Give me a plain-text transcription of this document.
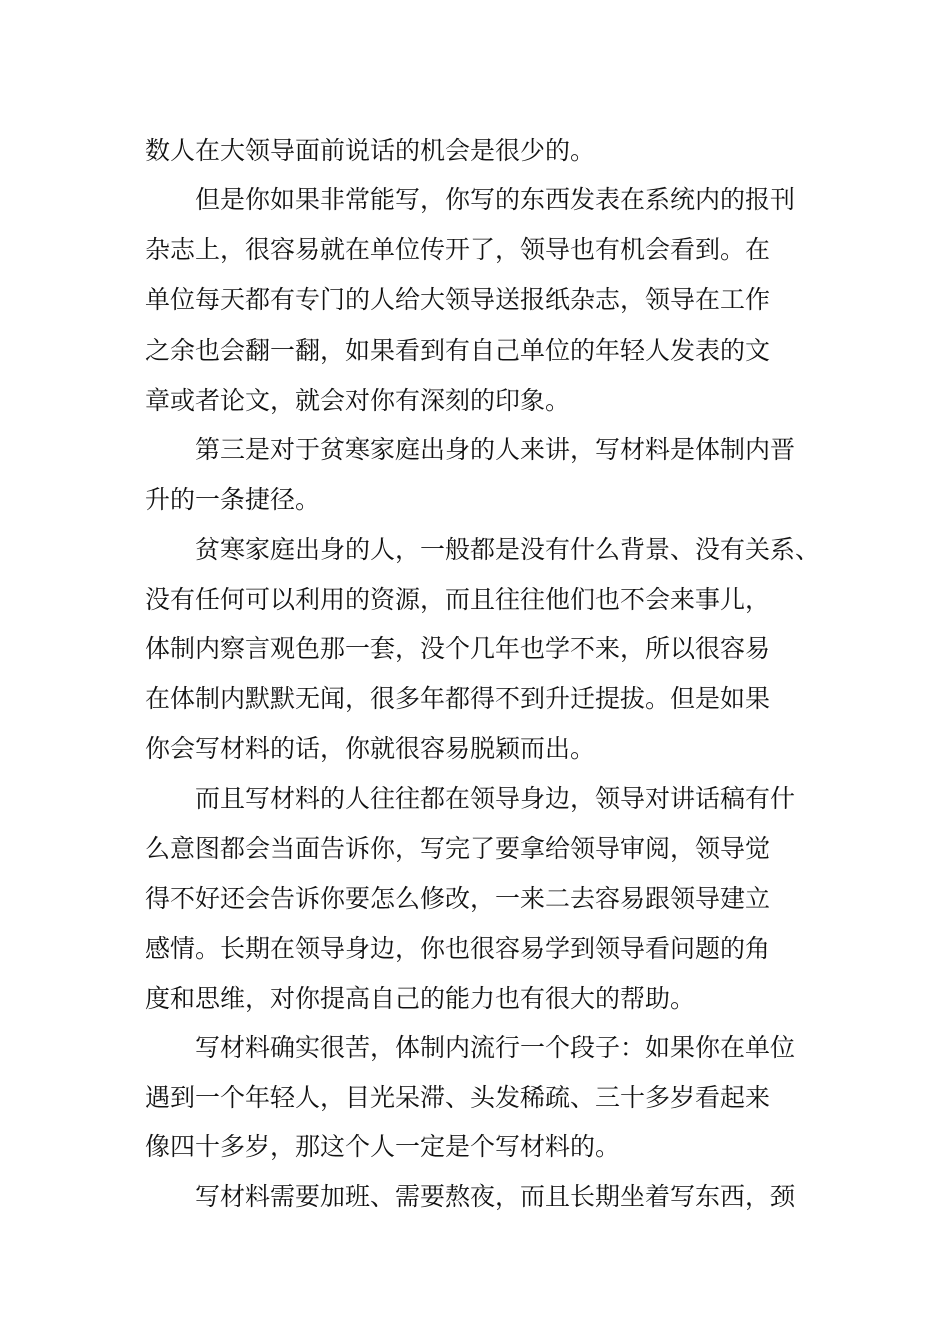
数人在大领导面前说话的机会是很少的。

但是你如果非常能写，你写的东西发表在系统内的报刊

杂志上，很容易就在单位传开了，领导也有机会看到。在

单位每天都有专门的人给大领导送报纸杂志，领导在工作

之余也会翻一翻，如果看到有自己单位的年轻人发表的文

章或者论文，就会对你有深刻的印象。

第三是对于贫寒家庭出身的人来讲，写材料是体制内晋

升的一条捷径。

贫寒家庭出身的人，一般都是没有什么背景、没有关系、

没有任何可以利用的资源，而且往往他们也不会来事儿，

体制内察言观色那一套，没个几年也学不来，所以很容易

在体制内默默无闻，很多年都得不到升迁提拔。但是如果

你会写材料的话，你就很容易脱颖而出。

而且写材料的人往往都在领导身边，领导对讲话稿有什

么意图都会当面告诉你，写完了要拿给领导审阅，领导觉

得不好还会告诉你要怎么修改，一来二去容易跟领导建立

感情。长期在领导身边，你也很容易学到领导看问题的角

度和思维，对你提高自己的能力也有很大的帮助。

写材料确实很苦，体制内流行一个段子：如果你在单位

遇到一个年轻人，目光呆滞、头发稀疏、三十多岁看起来

像四十多岁，那这个人一定是个写材料的。

写材料需要加班、需要熬夜，而且长期坐着写东西，颈
